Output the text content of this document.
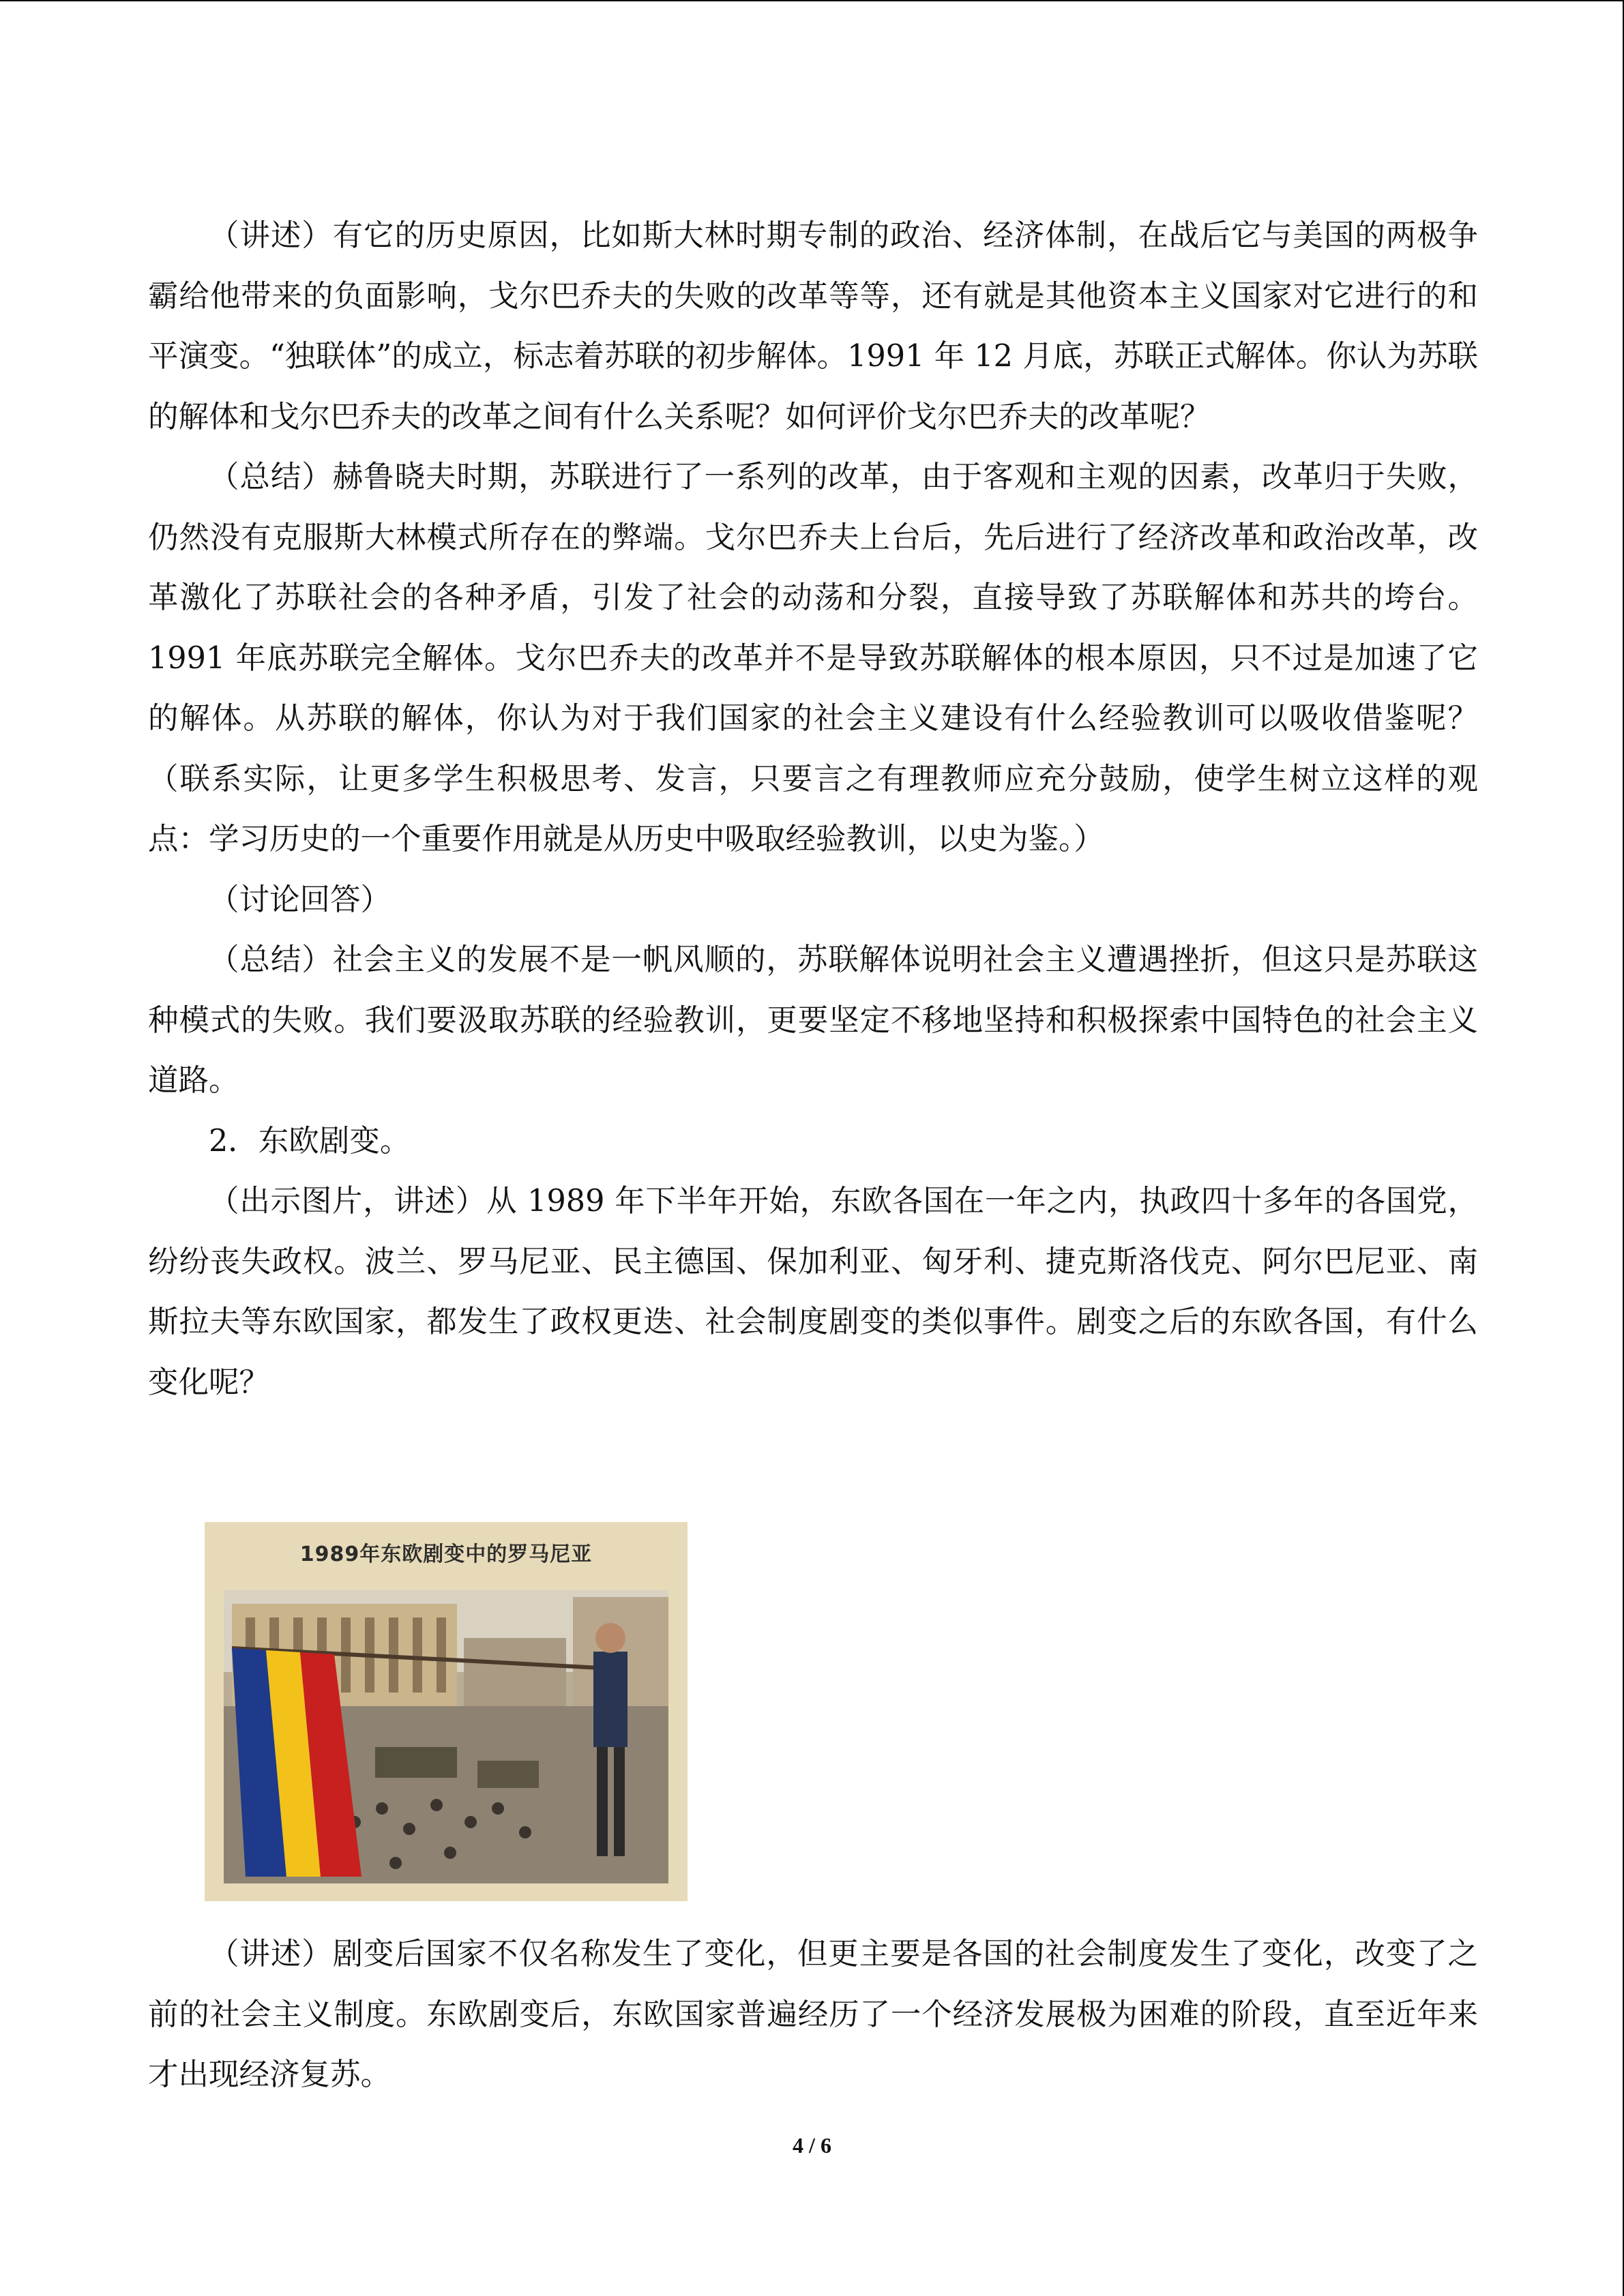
（讲述）有它的历史原因，比如斯大林时期专制的政治、经济体制，在战后它与美国的两极争霸给他带来的负面影响，戈尔巴乔夫的失败的改革等等，还有就是其他资本主义国家对它进行的和平演变。“独联体”的成立，标志着苏联的初步解体。1991 年 12 月底，苏联正式解体。你认为苏联的解体和戈尔巴乔夫的改革之间有什么关系呢？如何评价戈尔巴乔夫的改革呢？

（总结）赫鲁晓夫时期，苏联进行了一系列的改革，由于客观和主观的因素，改革归于失败，仍然没有克服斯大林模式所存在的弊端。戈尔巴乔夫上台后，先后进行了经济改革和政治改革，改革激化了苏联社会的各种矛盾，引发了社会的动荡和分裂，直接导致了苏联解体和苏共的垮台。1991 年底苏联完全解体。戈尔巴乔夫的改革并不是导致苏联解体的根本原因，只不过是加速了它的解体。从苏联的解体，你认为对于我们国家的社会主义建设有什么经验教训可以吸收借鉴呢？（联系实际，让更多学生积极思考、发言，只要言之有理教师应充分鼓励，使学生树立这样的观点：学习历史的一个重要作用就是从历史中吸取经验教训，以史为鉴。）

（讨论回答）

（总结）社会主义的发展不是一帆风顺的，苏联解体说明社会主义遭遇挫折，但这只是苏联这种模式的失败。我们要汲取苏联的经验教训，更要坚定不移地坚持和积极探索中国特色的社会主义道路。

2．东欧剧变。

（出示图片，讲述）从 1989 年下半年开始，东欧各国在一年之内，执政四十多年的各国党，纷纷丧失政权。波兰、罗马尼亚、民主德国、保加利亚、匈牙利、捷克斯洛伐克、阿尔巴尼亚、南斯拉夫等东欧国家，都发生了政权更迭、社会制度剧变的类似事件。剧变之后的东欧各国，有什么变化呢？

1989年东欧剧变中的罗马尼亚

（讲述）剧变后国家不仅名称发生了变化，但更主要是各国的社会制度发生了变化，改变了之前的社会主义制度。东欧剧变后，东欧国家普遍经历了一个经济发展极为困难的阶段，直至近年来才出现经济复苏。

4 / 6
